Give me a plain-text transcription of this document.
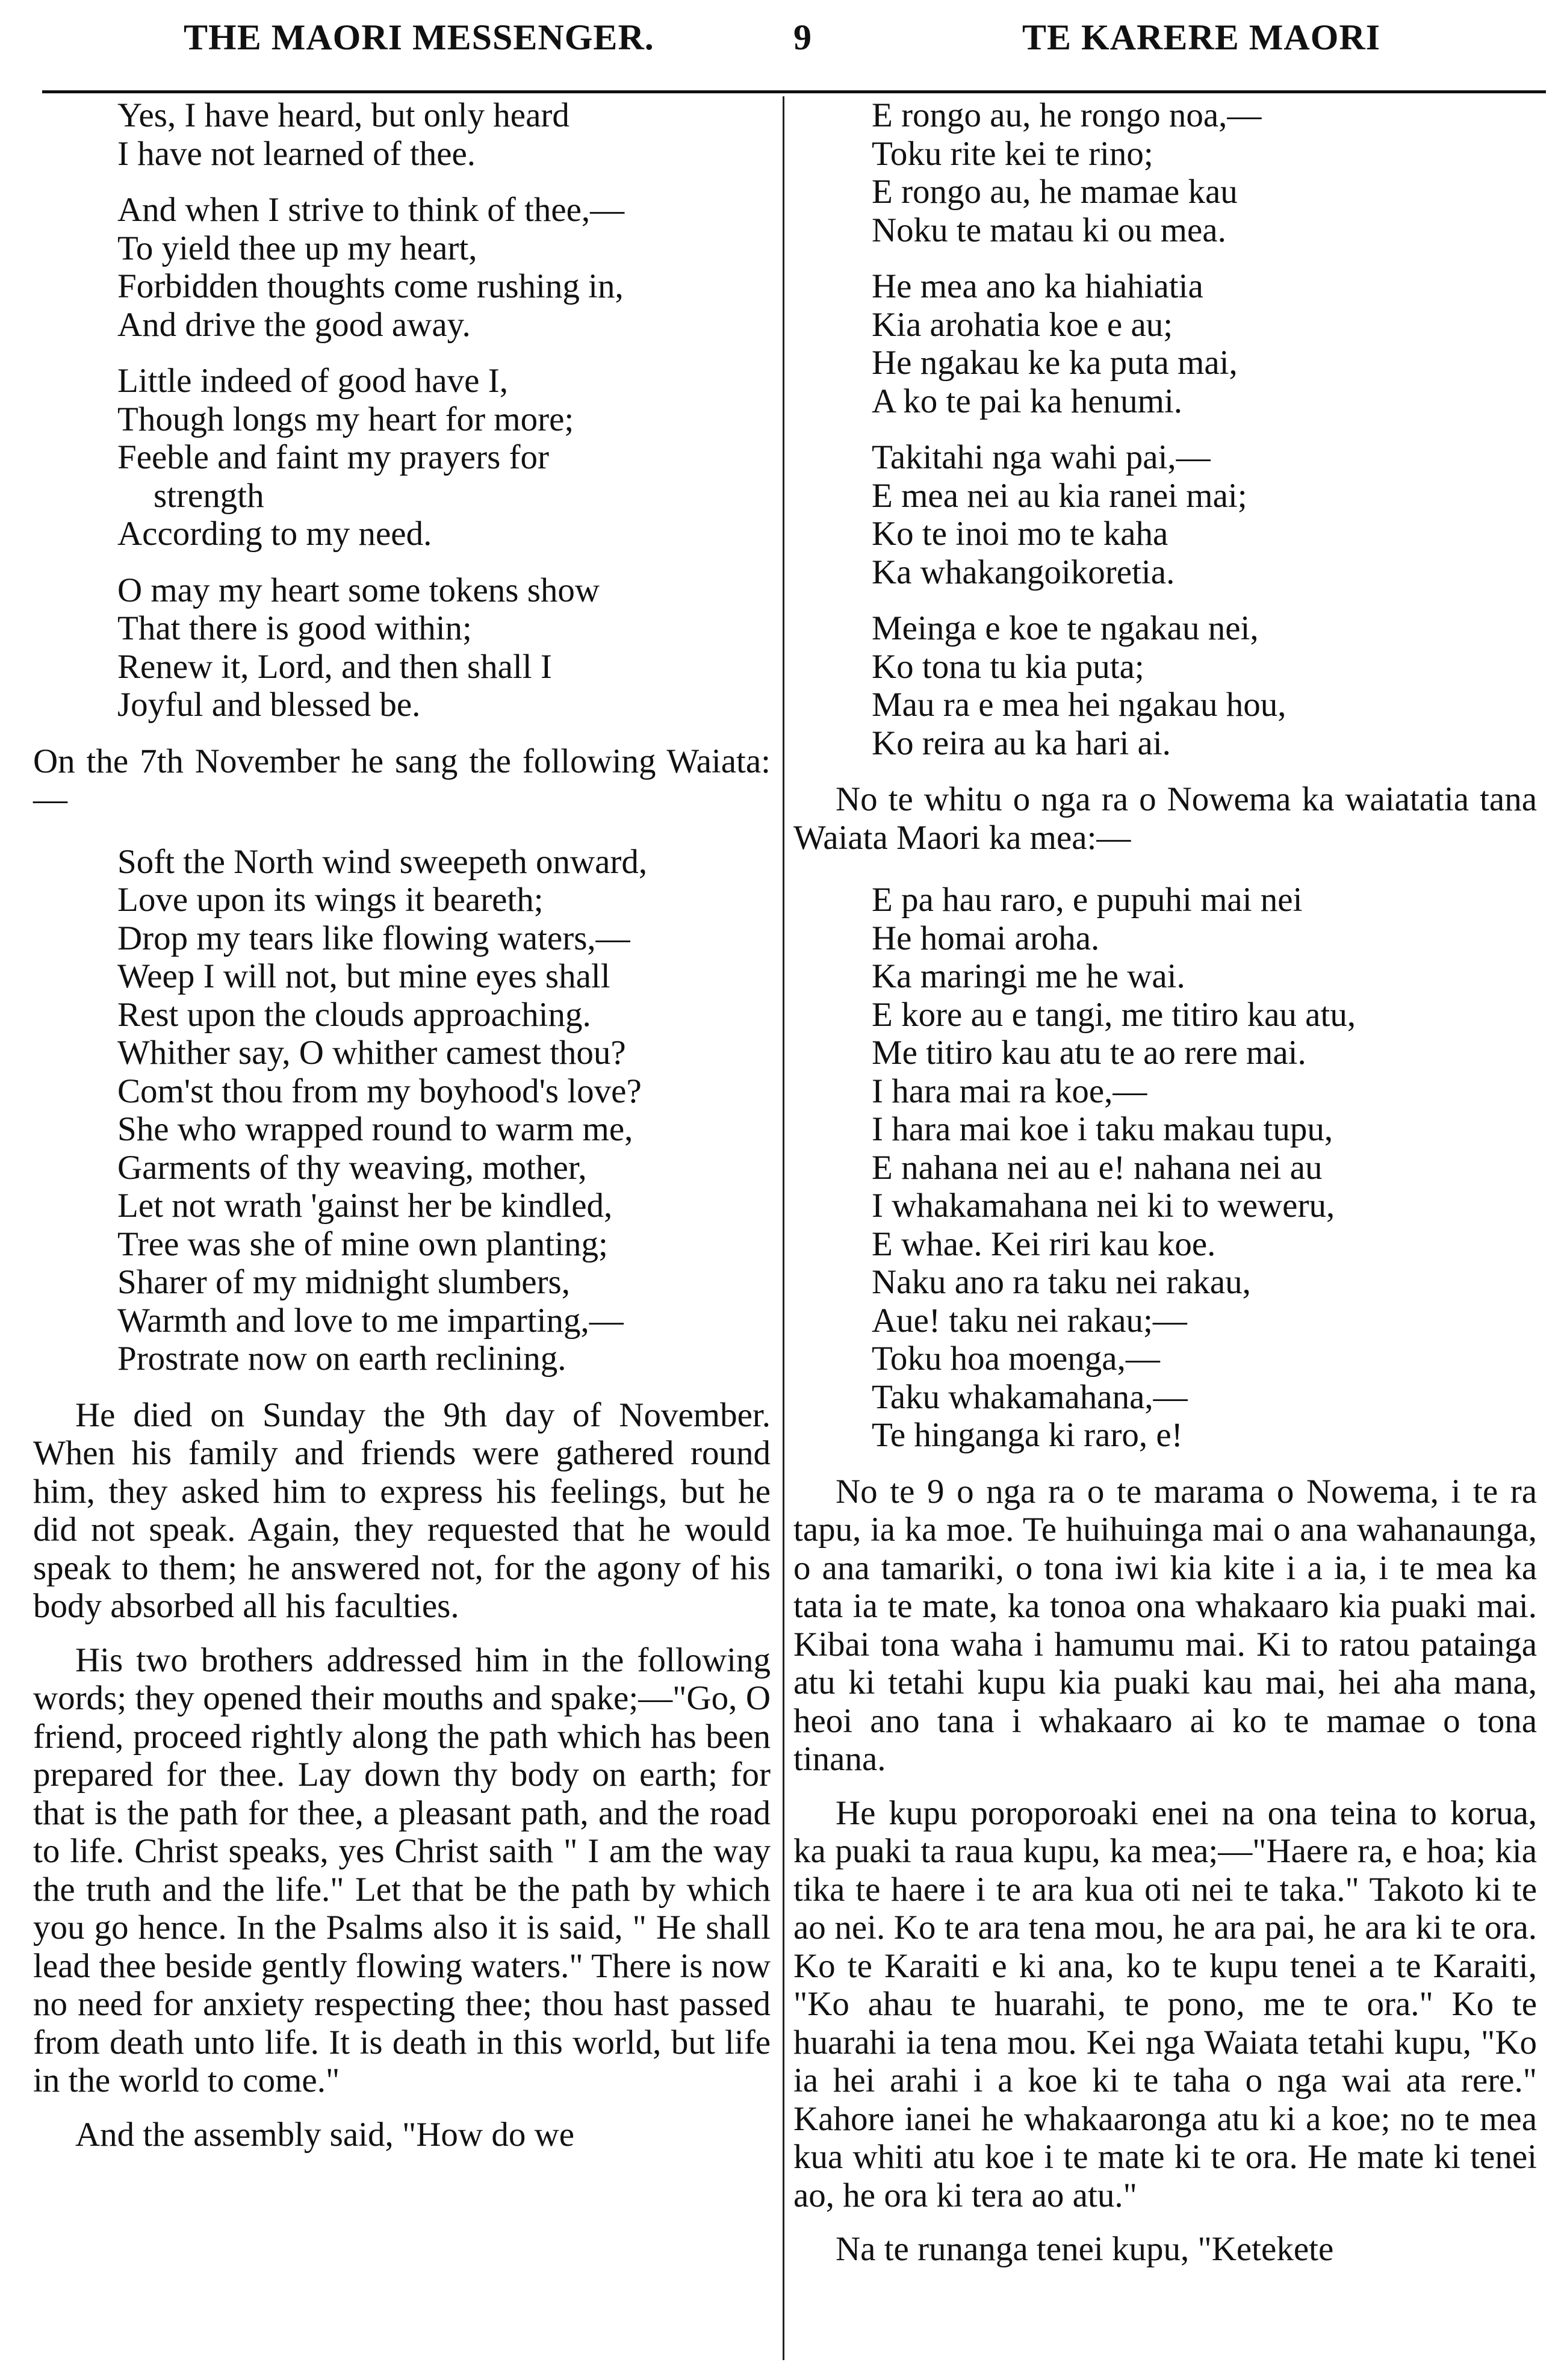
THE MAORI MESSENGER.	9	TE KARERE MAORI
Yes, I have heard, but only heard
I have not learned of thee.
And when I strive to think of thee,—
To yield thee up my heart,
Forbidden thoughts come rushing in,
And drive the good away.
Little indeed of good have I,
Though longs my heart for more;
Feeble and faint my prayers for
strength
According to my need.
O may my heart some tokens show
That there is good within;
Renew it, Lord, and then shall I
Joyful and blessed be.

On the 7th November he sang the following Waiata:—

Soft the North wind sweepeth onward,
Love upon its wings it beareth;
Drop my tears like flowing waters,—
Weep I will not, but mine eyes shall
Rest upon the clouds approaching.
Whither say, O whither camest thou?
Com'st thou from my boyhood's love?
She who wrapped round to warm me,
Garments of thy weaving, mother,
Let not wrath 'gainst her be kindled,
Tree was she of mine own planting;
Sharer of my midnight slumbers,
Warmth and love to me imparting,—
Prostrate now on earth reclining.

He died on Sunday the 9th day of November. When his family and friends were gathered round him, they asked him to express his feelings, but he did not speak. Again, they requested that he would speak to them; he answered not, for the agony of his body absorbed all his faculties.

His two brothers addressed him in the following words; they opened their mouths and spake;—"Go, O friend, proceed rightly along the path which has been prepared for thee. Lay down thy body on earth; for that is the path for thee, a pleasant path, and the road to life. Christ speaks, yes Christ saith " I am the way the truth and the life." Let that be the path by which you go hence. In the Psalms also it is said, " He shall lead thee beside gently flowing waters." There is now no need for anxiety respecting thee; thou hast passed from death unto life. It is death in this world, but life in the world to come."

And the assembly said, "How do we

E rongo au, he rongo noa,—
Toku rite kei te rino;
E rongo au, he mamae kau
Noku te matau ki ou mea.
He mea ano ka hiahiatia
Kia arohatia koe e au;
He ngakau ke ka puta mai,
A ko te pai ka henumi.
Takitahi nga wahi pai,—
E mea nei au kia ranei mai;
Ko te inoi mo te kaha
Ka whakangoikoretia.
Meinga e koe te ngakau nei,
Ko tona tu kia puta;
Mau ra e mea hei ngakau hou,
Ko reira au ka hari ai.

No te whitu o nga ra o Nowema ka waiatatia tana Waiata Maori ka mea:—

E pa hau raro, e pupuhi mai nei
He homai aroha.
Ka maringi me he wai.
E kore au e tangi, me titiro kau atu,
Me titiro kau atu te ao rere mai.
I hara mai ra koe,—
I hara mai koe i taku makau tupu,
E nahana nei au e! nahana nei au
I whakamahana nei ki to weweru,
E whae. Kei riri kau koe.
Naku ano ra taku nei rakau,
Aue! taku nei rakau;—
Toku hoa moenga,—
Taku whakamahana,—
Te hinganga ki raro, e!

No te 9 o nga ra o te marama o Nowema, i te ra tapu, ia ka moe. Te huihuinga mai o ana wahanaunga, o ana tamariki, o tona iwi kia kite i a ia, i te mea ka tata ia te mate, ka tonoa ona whakaaro kia puaki mai. Kibai tona waha i hamumu mai. Ki to ratou pataingа atu ki tetahi kupu kia puaki kau mai, hei aha mana, heoi ano tana i whakaaro ai ko te mamae o tona tinana.

He kupu poroporoaki enei na ona teina to korua, ka puaki ta raua kupu, ka mea;—"Haere ra, e hoa; kia tika te haere i te ara kua oti nei te taka." Takoto ki te ao nei. Ko te ara tena mou, he ara pai, he ara ki te ora. Ko te Karaiti e ki ana, ko te kupu tenei a te Karaiti, "Ko ahau te huarahi, te pono, me te ora." Ko te huarahi ia tena mou. Kei nga Waiata tetahi kupu, "Ko ia hei arahi i a koe ki te taha o nga wai ata rere." Kahore ianei he whakaaronga atu ki a koe; no te mea kua whiti atu koe i te mate ki te ora. He mate ki tenei ao, he ora ki tera ao atu."

Na te runanga tenei kupu, "Ketekete
